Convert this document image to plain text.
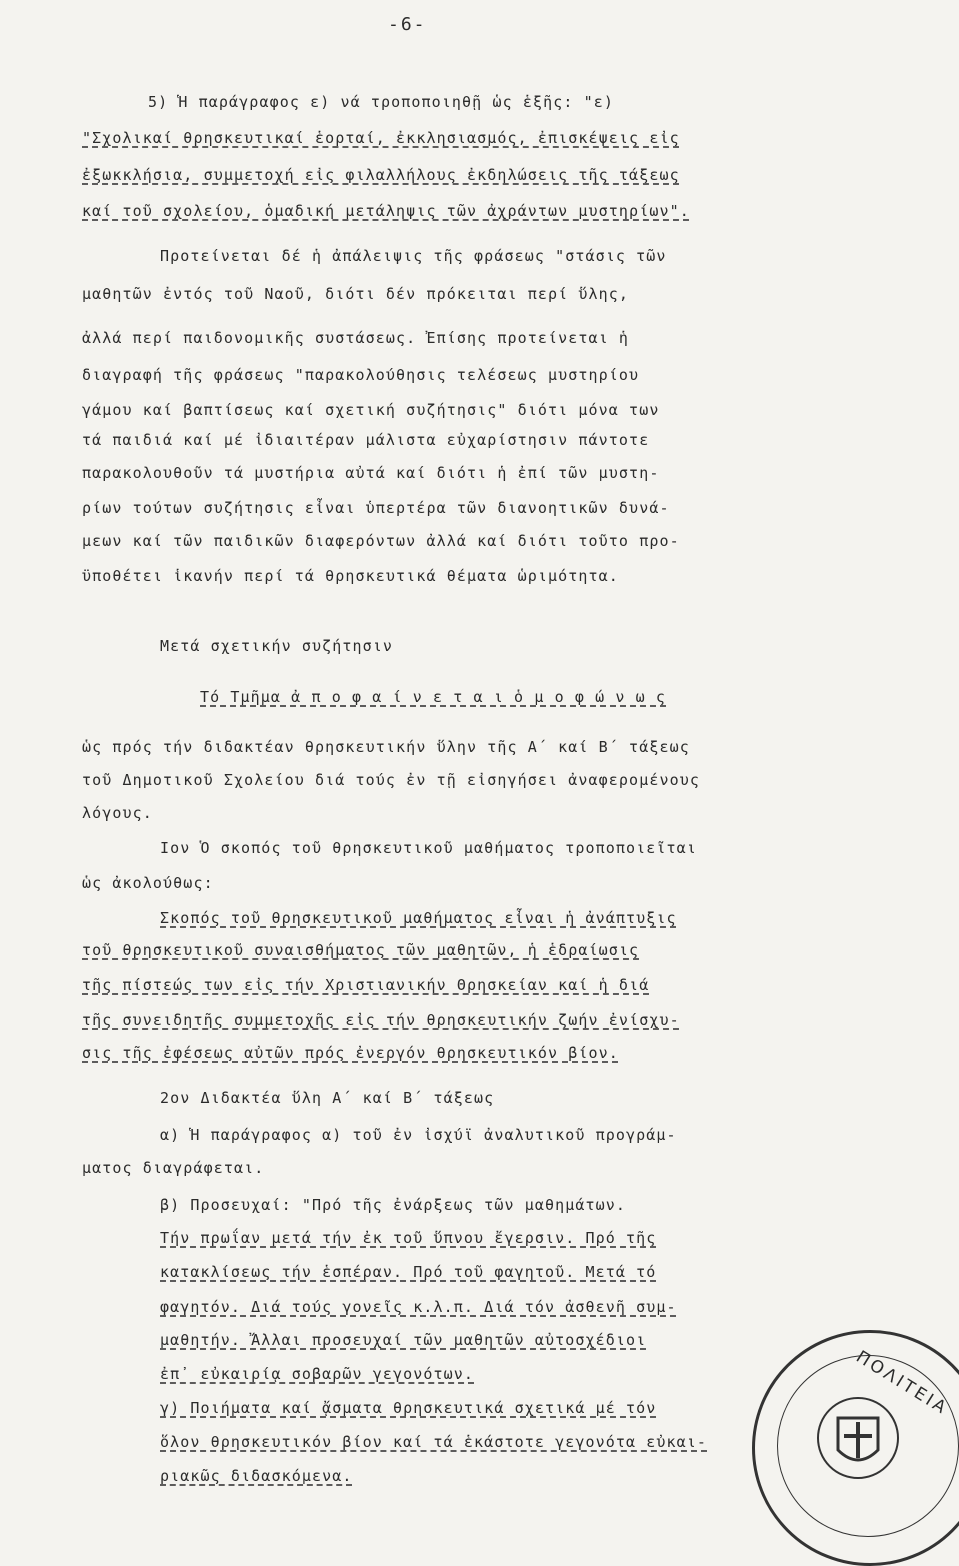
-6-
5) Ἡ παράγραφος ε) νά τροποποιηθῇ ὡς ἑξῆς: "ε)
"Σχολικαί θρησκευτικαί ἑορταί, ἐκκλησιασμός, ἐπισκέψεις εἰς
ἐξωκκλήσια, συμμετοχή εἰς φιλαλλήλους ἐκδηλώσεις τῆς τάξεως
καί τοῦ σχολείου, ὁμαδική μετάληψις τῶν ἀχράντων μυστηρίων".
Προτείνεται δέ ἡ ἀπάλειψις τῆς φράσεως "στάσις τῶν
μαθητῶν ἐντός τοῦ Ναοῦ, διότι δέν πρόκειται περί ὕλης,
ἀλλά περί παιδονομικῆς συστάσεως. Ἐπίσης προτείνεται ἡ
διαγραφή τῆς φράσεως "παρακολούθησις τελέσεως μυστηρίου
γάμου καί βαπτίσεως καί σχετική συζήτησις" διότι μόνα των
τά παιδιά καί μέ ἰδιαιτέραν μάλιστα εὐχαρίστησιν πάντοτε
παρακολουθοῦν τά μυστήρια αὐτά καί διότι ἡ ἐπί τῶν μυστη-
ρίων τούτων συζήτησις εἶναι ὑπερτέρα τῶν διανοητικῶν δυνά-
μεων καί τῶν παιδικῶν διαφερόντων ἀλλά καί διότι τοῦτο προ-
ϋποθέτει ἱκανήν περί τά θρησκευτικά θέματα ὡριμότητα.
Μετά σχετικήν συζήτησιν
Τό Τμῆμα ἀ π ο φ α ί ν ε τ α ι ὁ μ ο φ ώ ν ω ς
ὡς πρός τήν διδακτέαν θρησκευτικήν ὕλην τῆς Α΄ καί Β΄ τάξεως
τοῦ Δημοτικοῦ Σχολείου διά τούς ἐν τῇ εἰσηγήσει ἀναφερομένους
λόγους.
Ιον Ὁ σκοπός τοῦ θρησκευτικοῦ μαθήματος τροποποιεῖται
ὡς ἀκολούθως:
Σκοπός τοῦ θρησκευτικοῦ μαθήματος εἶναι ἡ ἀνάπτυξις
τοῦ θρησκευτικοῦ συναισθήματος τῶν μαθητῶν, ἡ ἑδραίωσις
τῆς πίστεώς των εἰς τήν Χριστιανικήν Θρησκείαν καί ἡ διά
τῆς συνειδητῆς συμμετοχῆς εἰς τήν θρησκευτικήν ζωήν ἐνίσχυ-
σις τῆς ἐφέσεως αὐτῶν πρός ἐνεργόν θρησκευτικόν βίον.
2ον Διδακτέα ὕλη Α΄ καί Β΄ τάξεως
α) Ἡ παράγραφος α) τοῦ ἐν ἰσχύϊ ἀναλυτικοῦ προγράμ-
ματος διαγράφεται.
β) Προσευχαί: "Πρό τῆς ἐνάρξεως τῶν μαθημάτων.
Τήν πρωΐαν μετά τήν ἐκ τοῦ ὕπνου ἔγερσιν. Πρό τῆς
κατακλίσεως τήν ἑσπέραν. Πρό τοῦ φαγητοῦ. Μετά τό
φαγητόν. Διά τούς γονεῖς κ.λ.π. Διά τόν ἀσθενῆ συμ-
μαθητήν. Ἄλλαι προσευχαί τῶν μαθητῶν αὐτοσχέδιοι
ἐπ᾽ εὐκαιρίᾳ σοβαρῶν γεγονότων.
γ) Ποιήματα καί ᾄσματα θρησκευτικά σχετικά μέ τόν
ὅλον θρησκευτικόν βίον καί τά ἑκάστοτε γεγονότα εὐκαι-
ριακῶς διδασκόμενα.
ΠΟΛΙΤΕΙΑ
